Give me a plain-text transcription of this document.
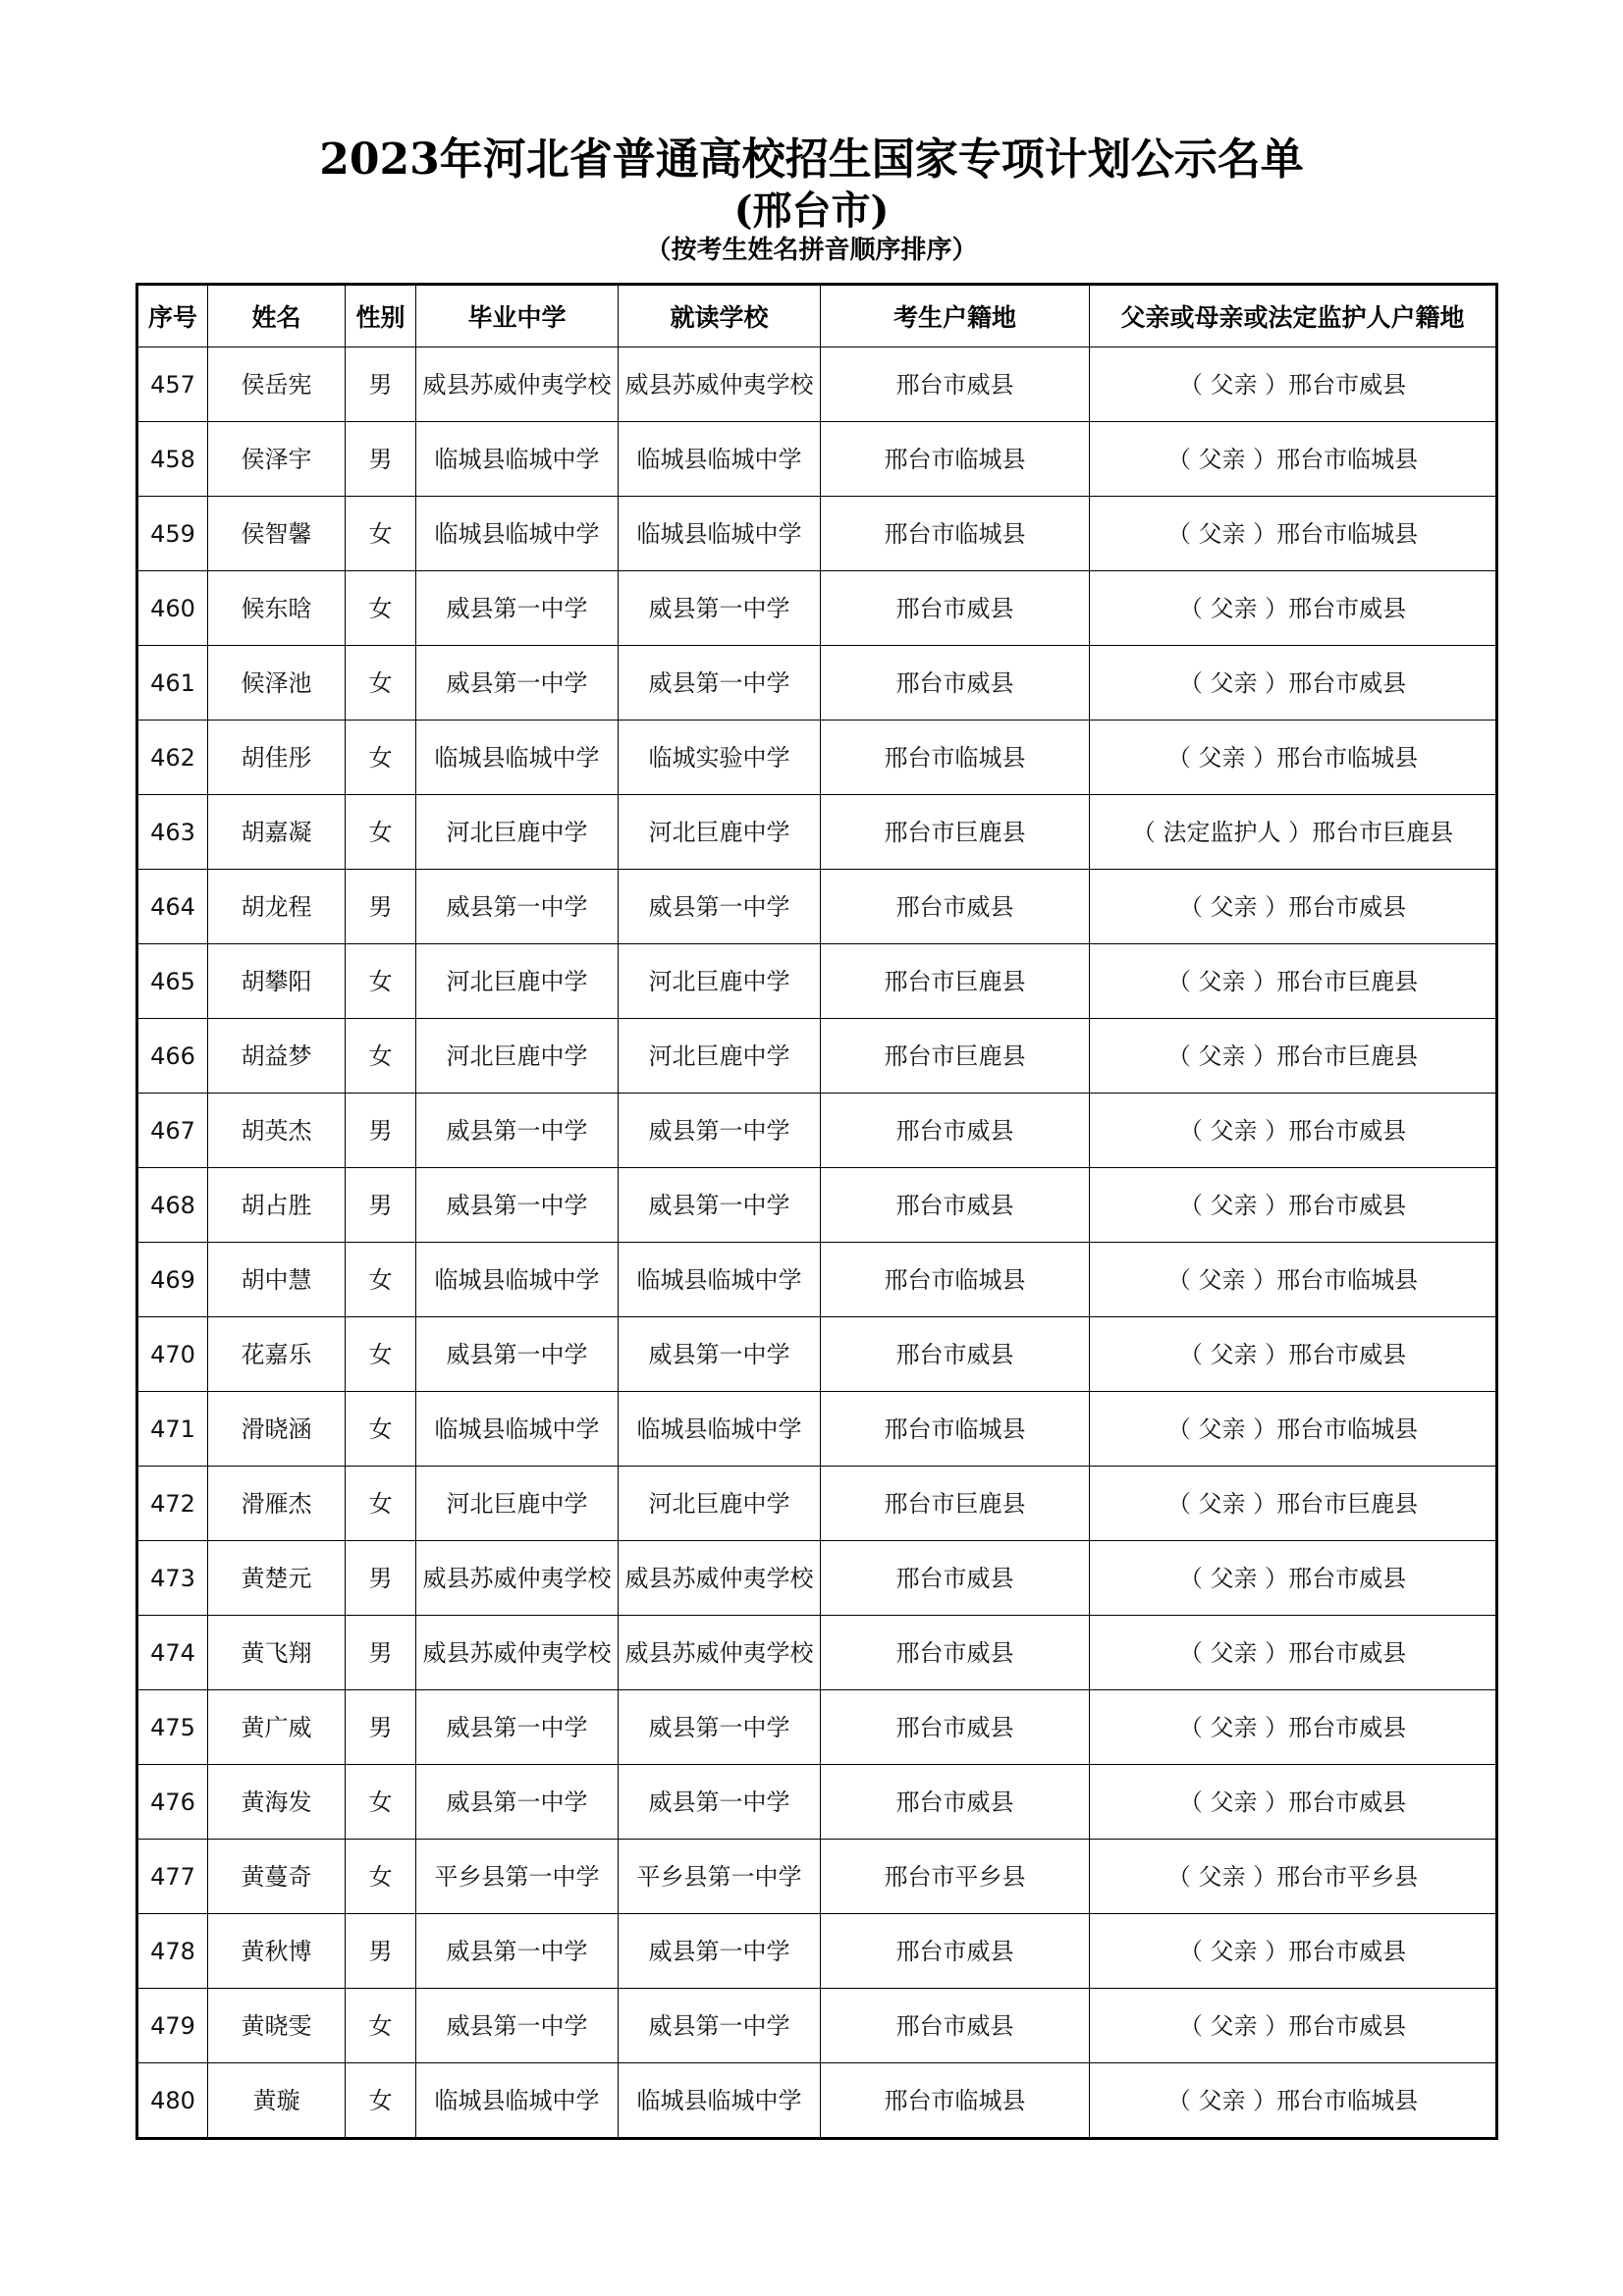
2023年河北省普通高校招生国家专项计划公示名单
(邢台市)
（按考生姓名拼音顺序排序）
序号	姓名	性别	毕业中学	就读学校	考生户籍地	父亲或母亲或法定监护人户籍地
457	侯岳宪	男	威县苏威仲夷学校	威县苏威仲夷学校	邢台市威县	（ 父亲 ）邢台市威县
458	侯泽宇	男	临城县临城中学	临城县临城中学	邢台市临城县	（ 父亲 ）邢台市临城县
459	侯智馨	女	临城县临城中学	临城县临城中学	邢台市临城县	（ 父亲 ）邢台市临城县
460	候东晗	女	威县第一中学	威县第一中学	邢台市威县	（ 父亲 ）邢台市威县
461	候泽池	女	威县第一中学	威县第一中学	邢台市威县	（ 父亲 ）邢台市威县
462	胡佳彤	女	临城县临城中学	临城实验中学	邢台市临城县	（ 父亲 ）邢台市临城县
463	胡嘉凝	女	河北巨鹿中学	河北巨鹿中学	邢台市巨鹿县	（ 法定监护人 ）邢台市巨鹿县
464	胡龙程	男	威县第一中学	威县第一中学	邢台市威县	（ 父亲 ）邢台市威县
465	胡攀阳	女	河北巨鹿中学	河北巨鹿中学	邢台市巨鹿县	（ 父亲 ）邢台市巨鹿县
466	胡益梦	女	河北巨鹿中学	河北巨鹿中学	邢台市巨鹿县	（ 父亲 ）邢台市巨鹿县
467	胡英杰	男	威县第一中学	威县第一中学	邢台市威县	（ 父亲 ）邢台市威县
468	胡占胜	男	威县第一中学	威县第一中学	邢台市威县	（ 父亲 ）邢台市威县
469	胡中慧	女	临城县临城中学	临城县临城中学	邢台市临城县	（ 父亲 ）邢台市临城县
470	花嘉乐	女	威县第一中学	威县第一中学	邢台市威县	（ 父亲 ）邢台市威县
471	滑晓涵	女	临城县临城中学	临城县临城中学	邢台市临城县	（ 父亲 ）邢台市临城县
472	滑雁杰	女	河北巨鹿中学	河北巨鹿中学	邢台市巨鹿县	（ 父亲 ）邢台市巨鹿县
473	黄楚元	男	威县苏威仲夷学校	威县苏威仲夷学校	邢台市威县	（ 父亲 ）邢台市威县
474	黄飞翔	男	威县苏威仲夷学校	威县苏威仲夷学校	邢台市威县	（ 父亲 ）邢台市威县
475	黄广威	男	威县第一中学	威县第一中学	邢台市威县	（ 父亲 ）邢台市威县
476	黄海发	女	威县第一中学	威县第一中学	邢台市威县	（ 父亲 ）邢台市威县
477	黄蔓奇	女	平乡县第一中学	平乡县第一中学	邢台市平乡县	（ 父亲 ）邢台市平乡县
478	黄秋博	男	威县第一中学	威县第一中学	邢台市威县	（ 父亲 ）邢台市威县
479	黄晓雯	女	威县第一中学	威县第一中学	邢台市威县	（ 父亲 ）邢台市威县
480	黄璇	女	临城县临城中学	临城县临城中学	邢台市临城县	（ 父亲 ）邢台市临城县
